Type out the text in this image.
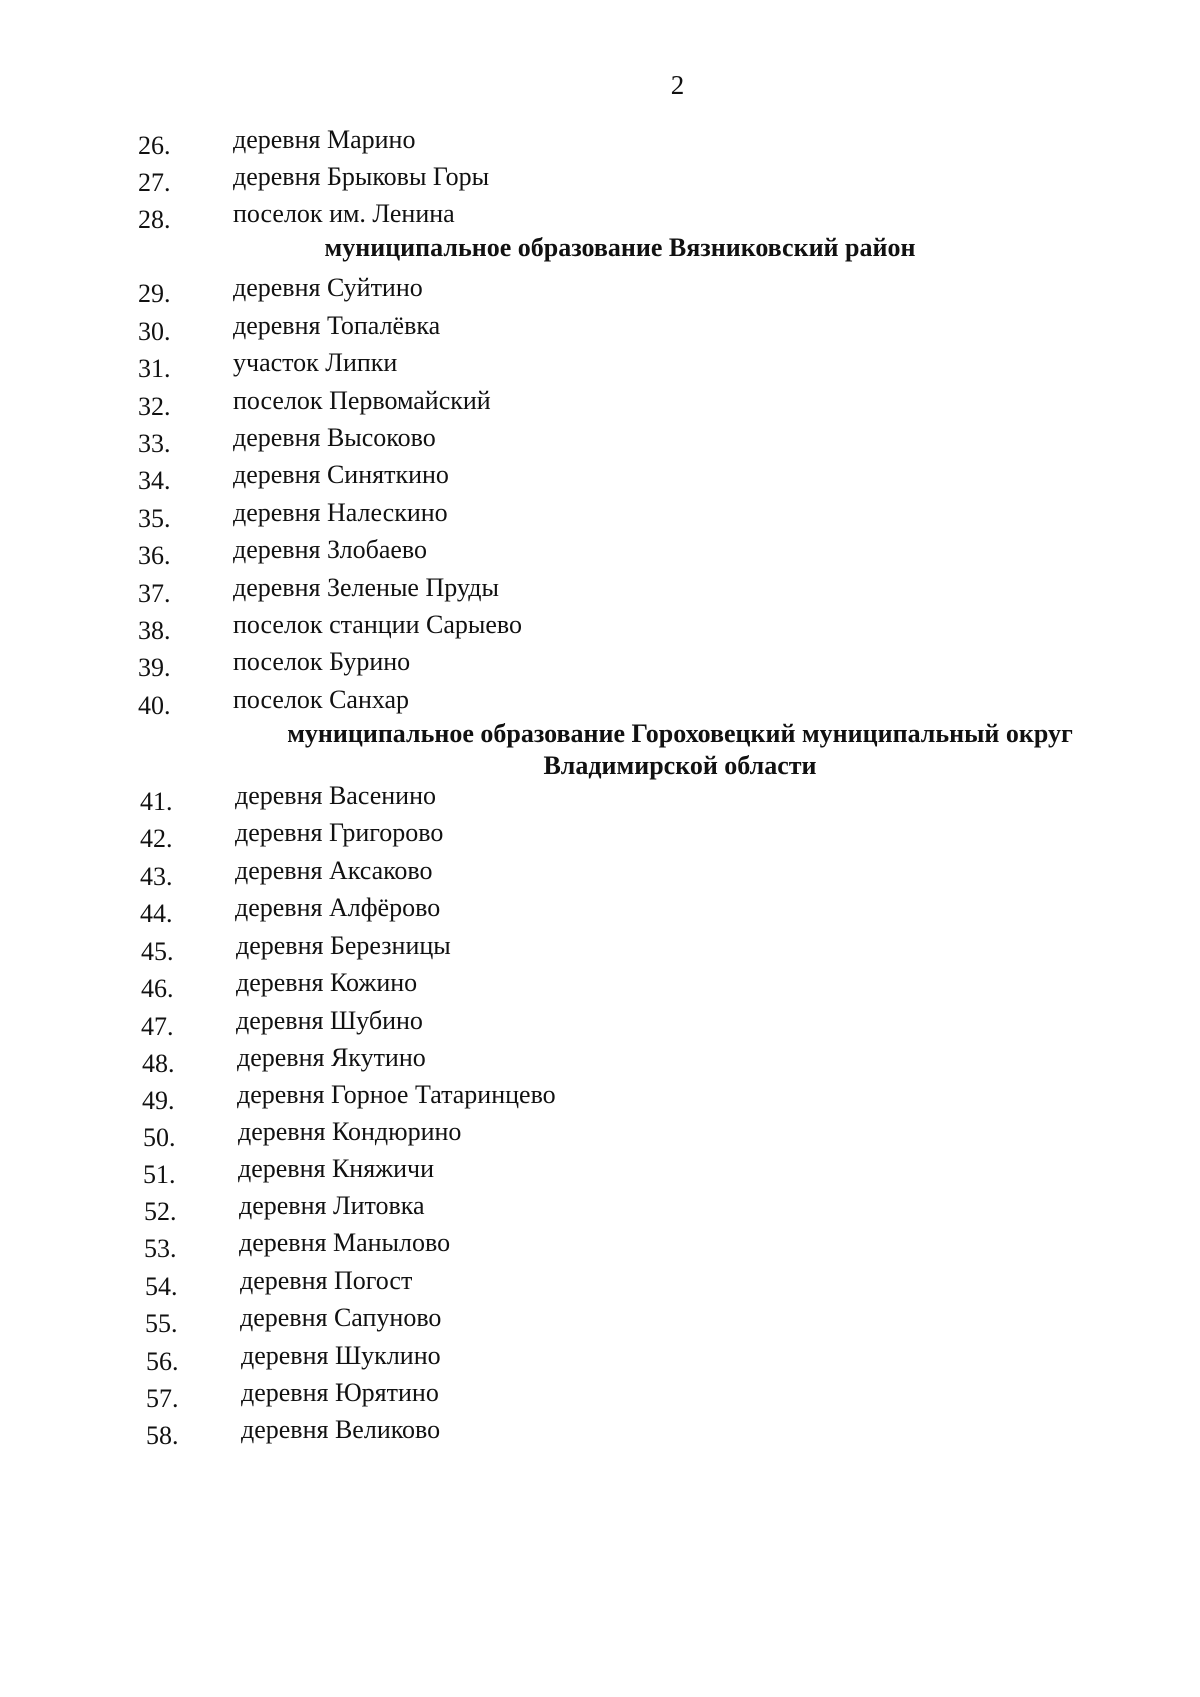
2
26.	деревня Марино
27.	деревня Брыковы Горы
28.	поселок им. Ленина
муниципальное образование Вязниковский район
29.	деревня Суйтино
30.	деревня Топалёвка
31.	участок Липки
32.	поселок Первомайский
33.	деревня Высоково
34.	деревня Синяткино
35.	деревня Налескино
36.	деревня Злобаево
37.	деревня Зеленые Пруды
38.	поселок станции Сарыево
39.	поселок Бурино
40.	поселок Санхар
муниципальное образование Гороховецкий муниципальный округ
Владимирской области
41.	деревня Васенино
42.	деревня Григорово
43.	деревня Аксаково
44.	деревня Алфёрово
45.	деревня Березницы
46.	деревня Кожино
47.	деревня Шубино
48.	деревня Якутино
49.	деревня Горное Татаринцево
50.	деревня Кондюрино
51.	деревня Княжичи
52.	деревня Литовка
53.	деревня Манылово
54.	деревня Погост
55.	деревня Сапуново
56.	деревня Шуклино
57.	деревня Юрятино
58.	деревня Великово
